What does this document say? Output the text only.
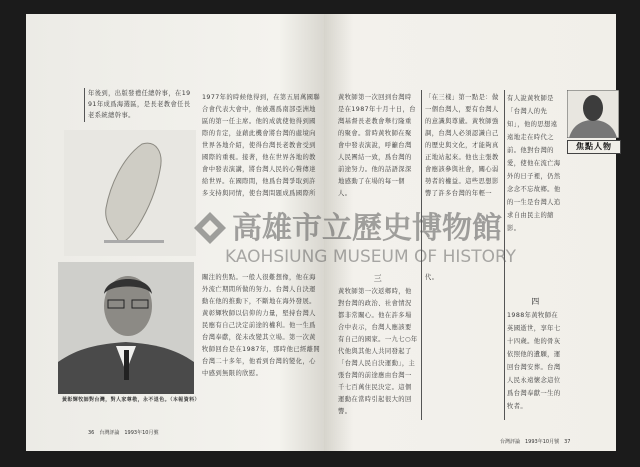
年後到，出版發禮任總幹事，在1991年成爲海選區，是長老教會任長老系統總幹事。
黃彰輝牧師對台灣，對人家尊敬，永不退色。（本報資料）
1977年的時候他得到，在第五屆萬國聯合會代表大會中，他被選爲南部亞洲地區的第一任主席。他的成就使他得到國際的肯定，並藉此機會將台灣的處境向世界各地介紹，使得台灣長老教會受到國際的重視。接著，他在世界各地的教會中發表演講，將台灣人民的心聲傳達給世界。在國際間，他爲台灣爭取到許多支持與同情，使台灣問題成爲國際所關注的焦點。一般人很難想像，他在海外流亡期間所做的努力。台灣人自決運動在他的推動下，不斷地在海外發展。黃彰輝牧師以信仰的力量，堅持台灣人民應有自己決定前途的權利。他一生爲台灣奉獻，從未改變其立場。第一次黃牧師回台是在1987年，那時他已經離開台灣二十多年，他看到台灣的變化，心中感到無限的欣慰。
36　台灣評論　1993年10月號
黃牧師第一次回到台灣時是在1987年十月十日，台灣基督長老教會舉行隆重的聚會。當時黃牧師在聚會中發表演說，呼籲台灣人民團結一致，爲台灣的前途努力。他的話語深深地感動了在場的每一個人。
三
黃牧師第一次返鄉時，他對台灣的政治、社會情況都非常關心。他在許多場合中表示，台灣人應該要有自己的國家。一九七○年代他與其他人共同發起了「台灣人民自決運動」，主張台灣的前途應由台灣一千七百萬住民決定。這個運動在當時引起很大的回響。
「在三樣」第一點是：做一個台灣人，要有台灣人的意識與尊嚴。黃牧師強調，台灣人必須認識自己的歷史與文化，才能夠真正地站起來。他也主張教會應該參與社會，關心弱勢者的權益。這些思想影響了許多台灣的年輕一代。
有人說黃牧師是「台灣人的先知」，他的思想遠遠地走在時代之前。他對台灣的愛，使他在流亡海外的日子裡，仍然念念不忘故鄉。他的一生是台灣人追求自由民主的縮影。
四
1988年黃牧師在英國逝世，享年七十四歲。他的骨灰依照他的遺願，運回台灣安葬。台灣人民永遠懷念這位爲台灣奉獻一生的牧者。
焦點人物
台灣評論　1993年10月號　37
高雄市立歷史博物館
KAOHSIUNG MUSEUM OF HISTORY
